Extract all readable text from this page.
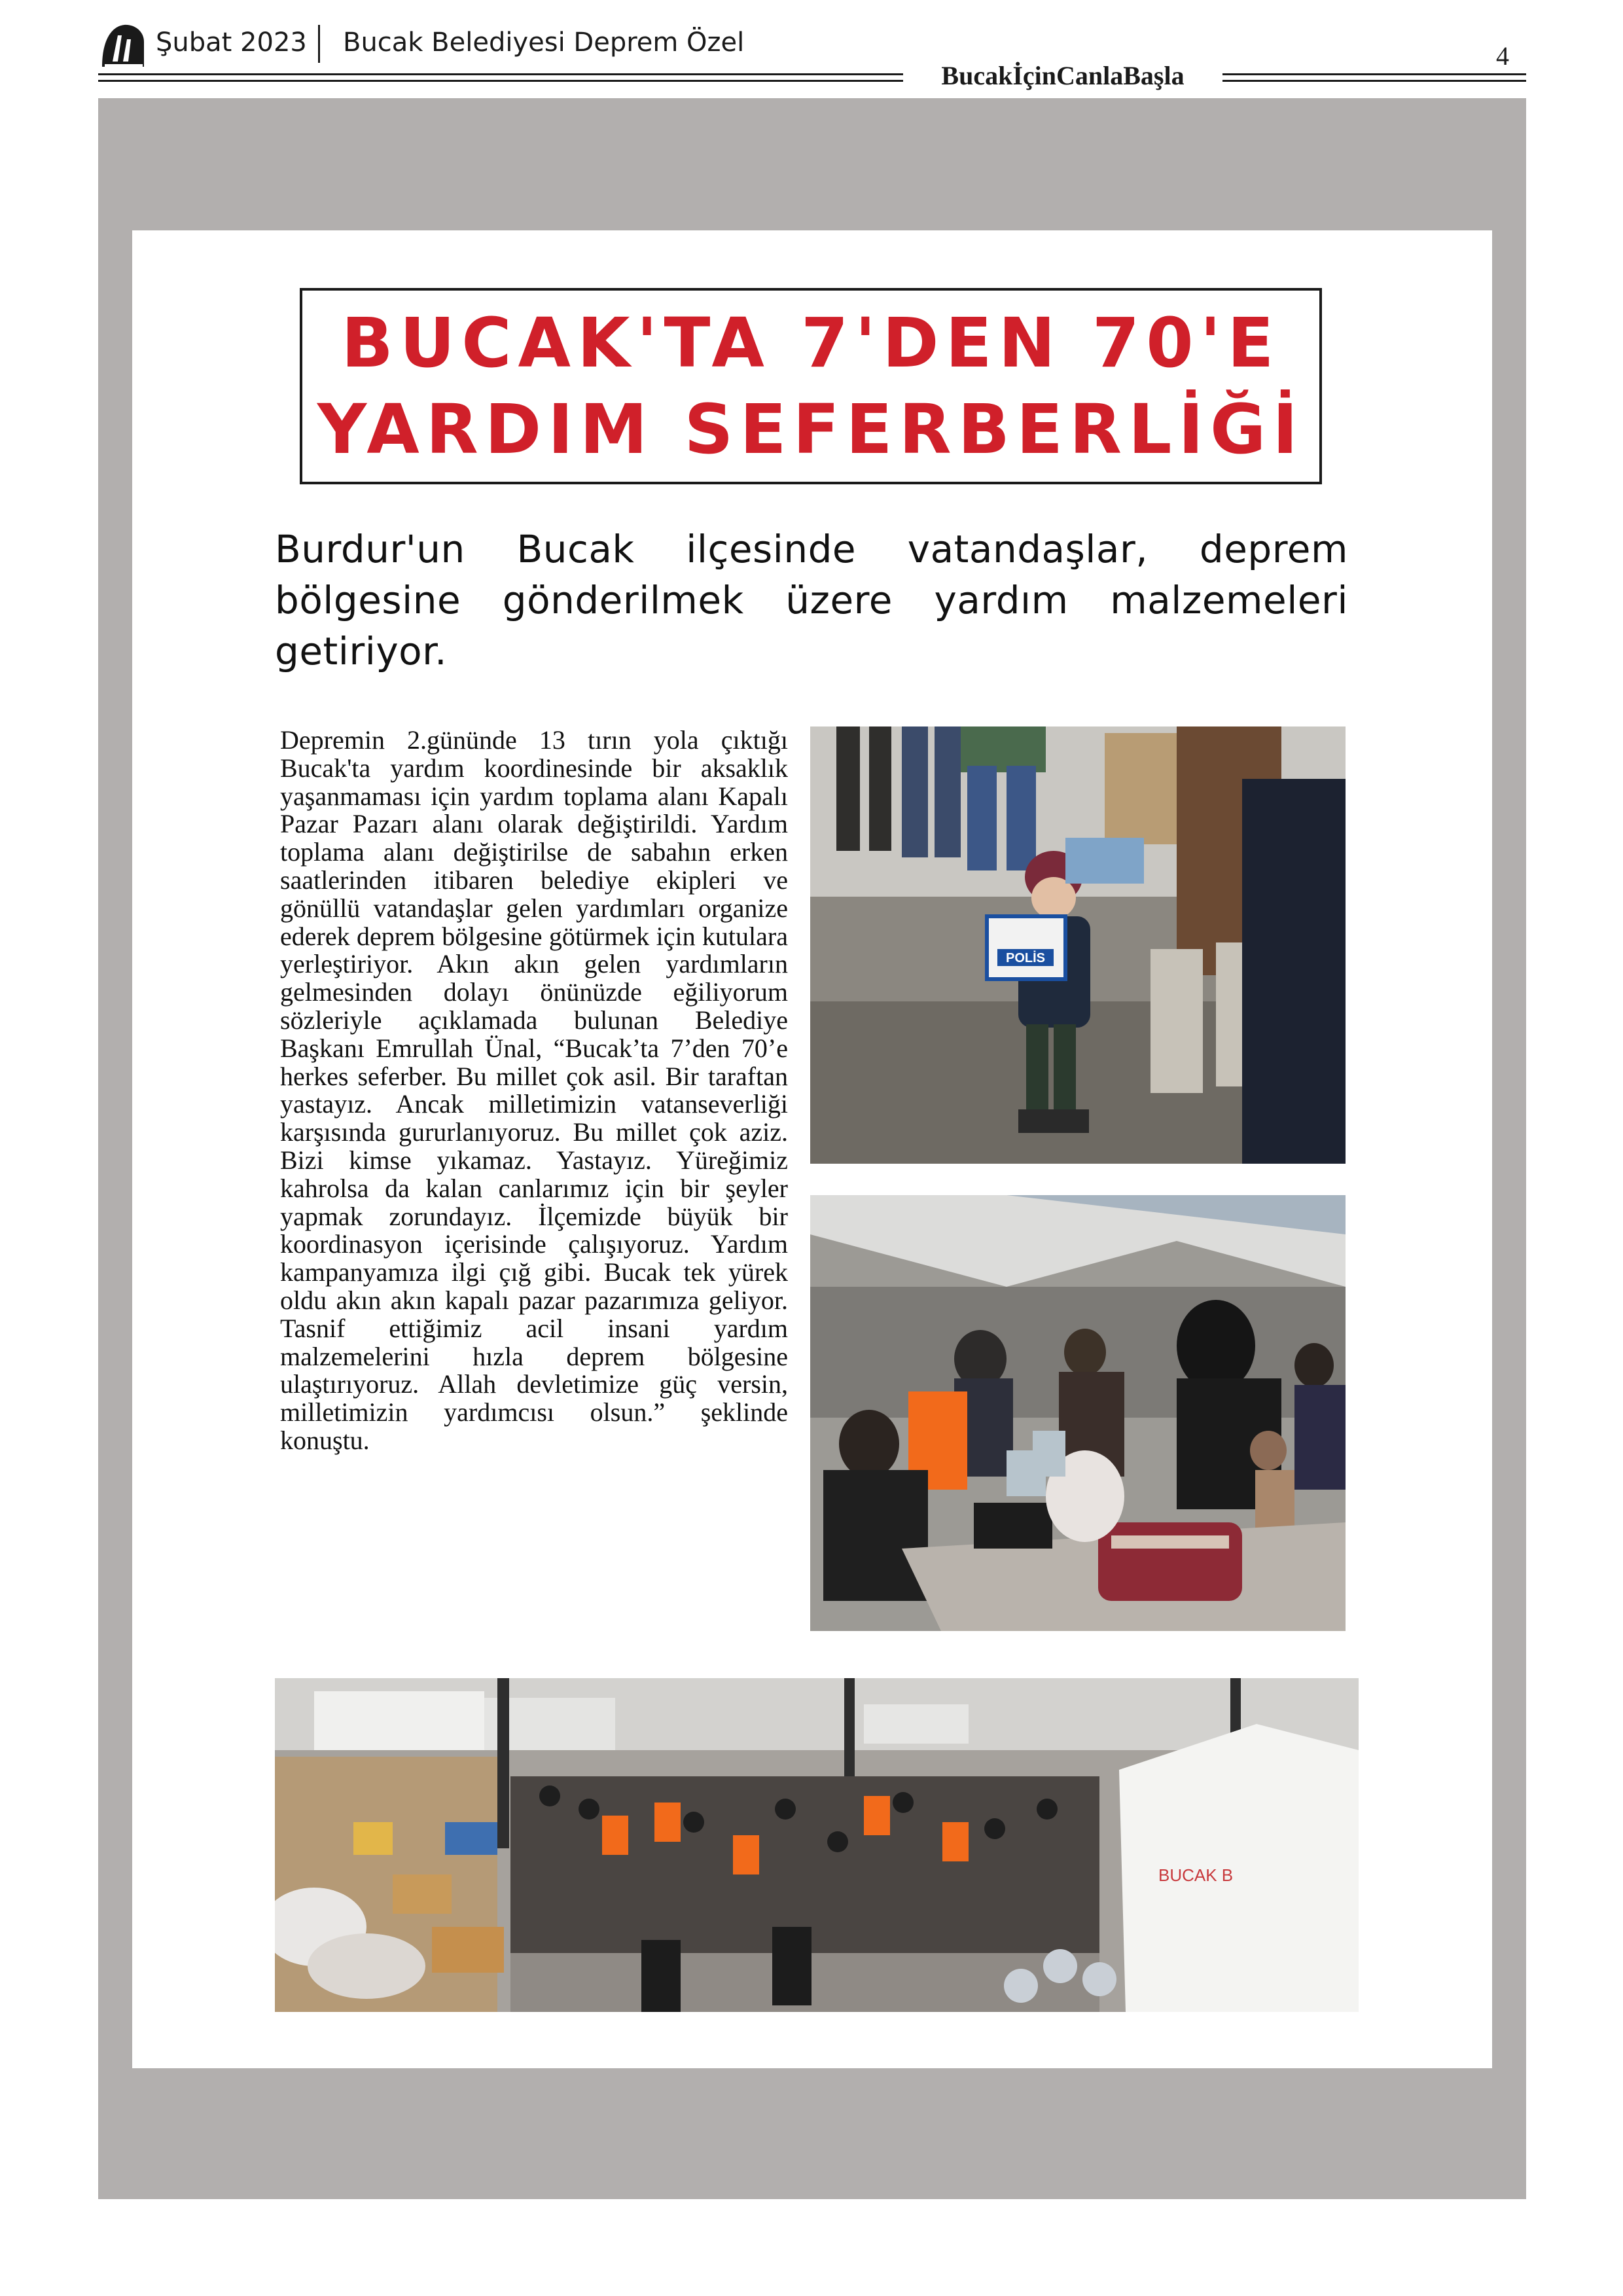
Şubat 2023 Bucak Belediyesi Deprem Özel	4
BucakİçinCanlaBaşla
BUCAK'TA 7'DEN 70'E
YARDIM SEFERBERLİĞİ
Burdur'un Bucak ilçesinde vatandaşlar, deprem bölgesine gönderilmek üzere yardım malzemeleri getiriyor.
Depremin 2.gününde 13 tırın yola çıktığı Bucak'ta yardım koordinesinde bir aksaklık yaşanmaması için yardım toplama alanı Kapalı Pazar Pazarı alanı olarak değiştirildi. Yardım toplama alanı değiştirilse de sabahın erken saatlerinden itibaren belediye ekipleri ve gönüllü vatandaşlar gelen yardımları organize ederek deprem bölgesine götürmek için kutulara yerleştiriyor. Akın akın gelen yardımların gelmesinden dolayı önünüzde eğiliyorum sözleriyle açıklamada bulunan Belediye Başkanı Emrullah Ünal, “Bucak’ta 7’den 70’e herkes seferber. Bu millet çok asil. Bir taraftan yastayız. Ancak milletimizin vatanseverliği karşısında gururlanıyoruz. Bu millet çok aziz. Bizi kimse yıkamaz. Yastayız. Yüreğimiz kahrolsa da kalan canlarımız için bir şeyler yapmak zorundayız. İlçemizde büyük bir koordinasyon içerisinde çalışıyoruz. Yardım kampanyamıza ilgi çığ gibi. Bucak tek yürek oldu akın akın kapalı pazar pazarımıza geliyor. Tasnif ettiğimiz acil insani yardım malzemelerini hızla deprem bölgesine ulaştırıyoruz. Allah devletimize güç versin, milletimizin yardımcısı olsun.” şeklinde konuştu.
POLİS
BUCAK B
